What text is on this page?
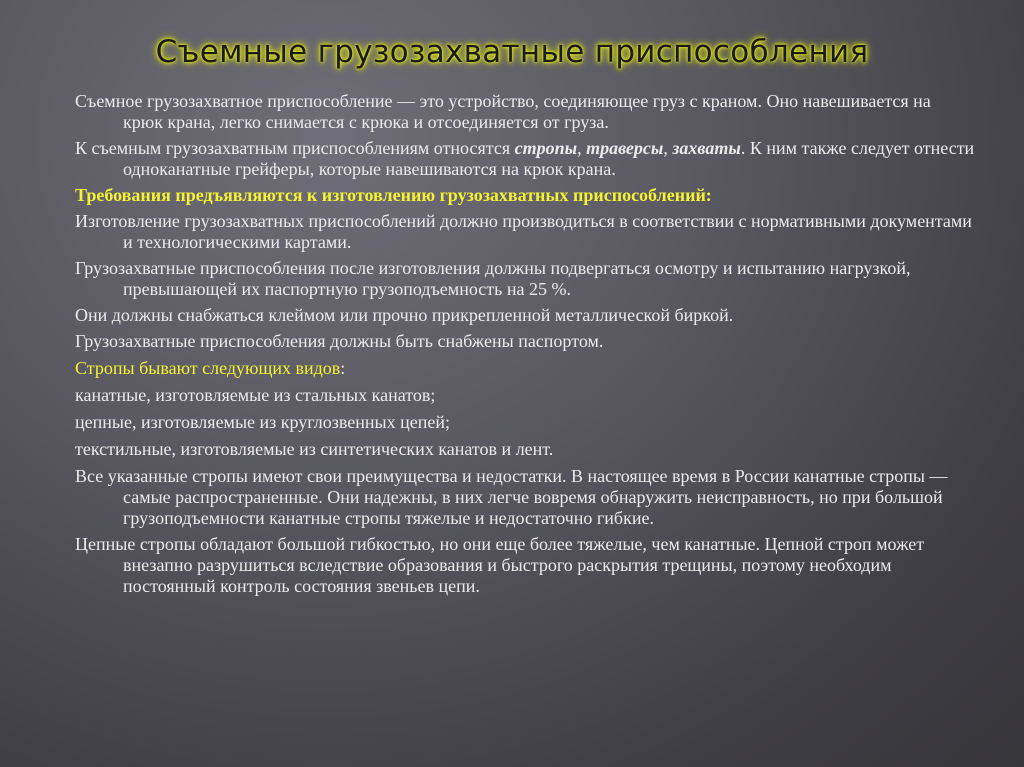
Съемные грузозахватные приспособления

Съемное грузозахватное приспособление — это устройство, соединяющее груз с краном. Оно навешивается на крюк крана, легко снимается с крюка и отсоединяется от груза.

К съемным грузозахватным приспособлениям относятся стропы, траверсы, захваты. К ним также следует отнести одноканатные грейферы, которые навешиваются на крюк крана.

Требования предъявляются к изготовлению грузозахватных приспособлений:

Изготовление грузозахватных приспособлений должно производиться в соответствии с нормативными документами и технологическими картами.

Грузозахватные приспособления после изготовления должны подвергаться осмотру и испытанию нагрузкой, превышающей их паспортную грузоподъемность на 25 %.

Они должны снабжаться клеймом или прочно прикрепленной металлической биркой.

Грузозахватные приспособления должны быть снабжены паспортом.

Стропы бывают следующих видов:

канатные, изготовляемые из стальных канатов;

цепные, изготовляемые из круглозвенных цепей;

текстильные, изготовляемые из синтетических канатов и лент.

Все указанные стропы имеют свои преимущества и недостатки. В настоящее время в России канатные стропы — самые распространенные. Они надежны, в них легче вовремя обнаружить неисправность, но при большой грузоподъемности канатные стропы тяжелые и недостаточно гибкие.

Цепные стропы обладают большой гибкостью, но они еще более тяжелые, чем канатные. Цепной строп может внезапно разрушиться вследствие образования и быстрого раскрытия трещины, поэтому необходим постоянный контроль состояния звеньев цепи.
